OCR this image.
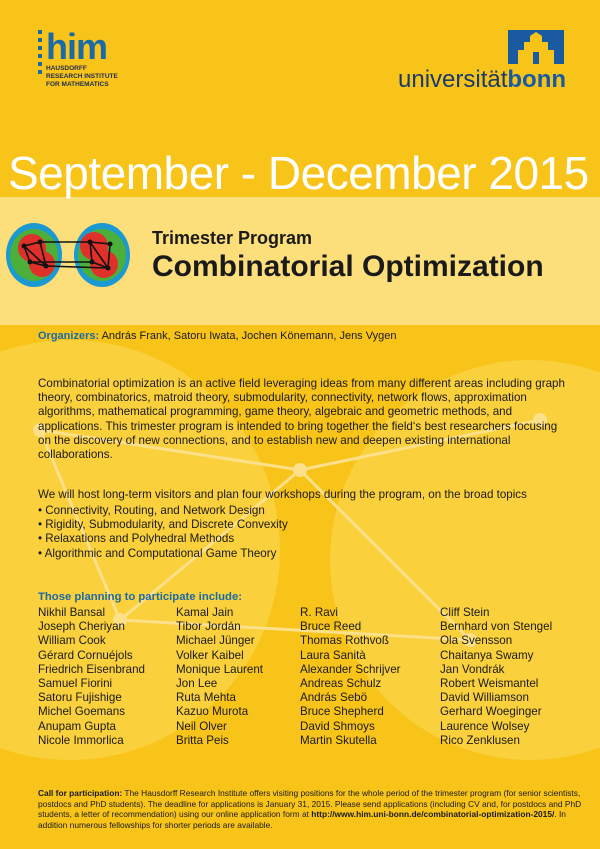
him
HAUSDORFF
RESEARCH INSTITUTE
FOR MATHEMATICS	universitätbonn
September - December 2015
Trimester Program
Combinatorial Optimization
Organizers: András Frank, Satoru Iwata, Jochen Könemann, Jens Vygen
Combinatorial optimization is an active field leveraging ideas from many different areas including graph theory, combinatorics, matroid theory, submodularity, connectivity, network flows, approximation algorithms, mathematical programming, game theory, algebraic and geometric methods, and applications. This trimester program is intended to bring together the field‘s best researchers focusing on the discovery of new connections, and to establish new and deepen existing international collaborations.
We will host long-term visitors and plan four workshops during the program, on the broad topics
• Connectivity, Routing, and Network Design
• Rigidity, Submodularity, and Discrete Convexity
• Relaxations and Polyhedral Methods
• Algorithmic and Computational Game Theory
Those planning to participate include:
Nikhil Bansal
Joseph Cheriyan
William Cook
Gérard Cornuéjols
Friedrich Eisenbrand
Samuel Fiorini
Satoru Fujishige
Michel Goemans
Anupam Gupta
Nicole Immorlica
Kamal Jain
Tibor Jordán
Michael Jünger
Volker Kaibel
Monique Laurent
Jon Lee
Ruta Mehta
Kazuo Murota
Neil Olver
Britta Peis
R. Ravi
Bruce Reed
Thomas Rothvoß
Laura Sanità
Alexander Schrijver
Andreas Schulz
András Sebö
Bruce Shepherd
David Shmoys
Martin Skutella
Cliff Stein
Bernhard von Stengel
Ola Svensson
Chaitanya Swamy
Jan Vondrák
Robert Weismantel
David Williamson
Gerhard Woeginger
Laurence Wolsey
Rico Zenklusen
Call for participation: The Hausdorff Research Institute offers visiting positions for the whole period of the trimester program (for senior scientists, postdocs and PhD students). The deadline for applications is January 31, 2015. Please send applications (including CV and, for postdocs and PhD students, a letter of recommendation) using our online application form at http://www.him.uni-bonn.de/combinatorial-optimization-2015/. In addition numerous fellowships for shorter periods are available.
